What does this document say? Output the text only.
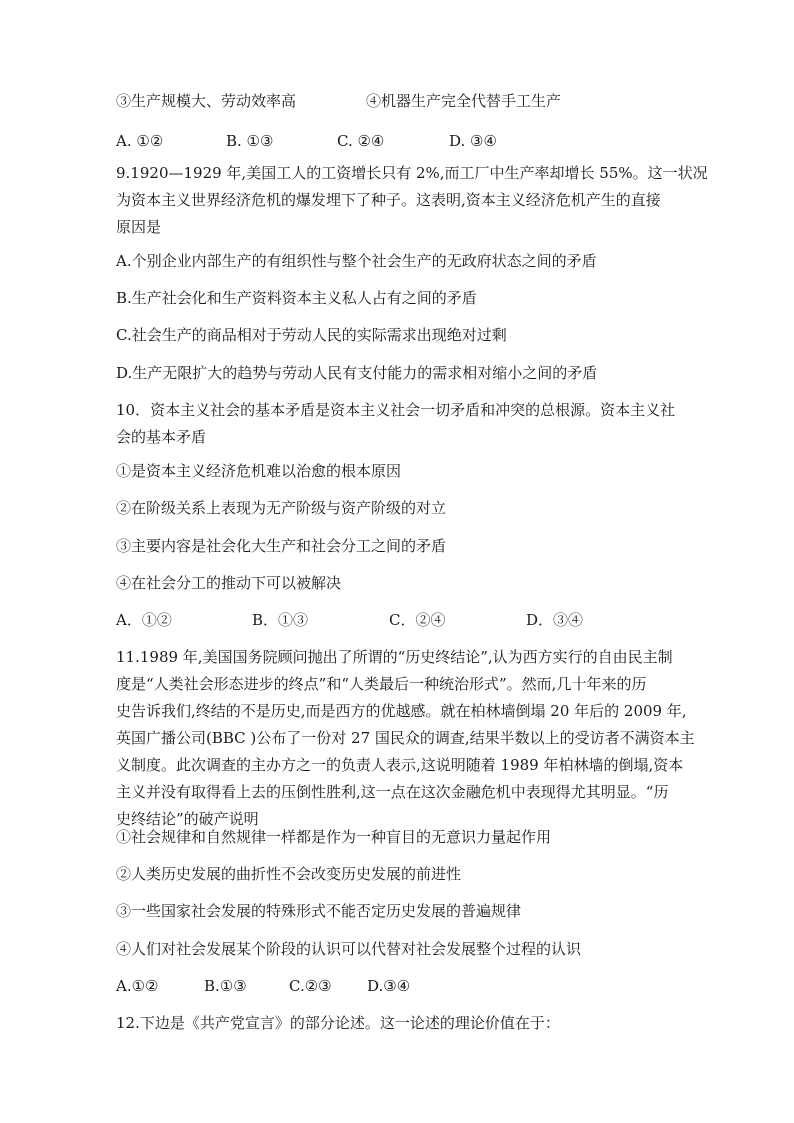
③生产规模大、劳动效率高	④机器生产完全代替手工生产
A. ①②	B. ①③	C. ②④	D. ③④
9.1920—1929 年,美国工人的工资增长只有 2%,而工厂中生产率却增长 55%。这一状况
为资本主义世界经济危机的爆发埋下了种子。这表明,资本主义经济危机产生的直接
原因是
A.个别企业内部生产的有组织性与整个社会生产的无政府状态之间的矛盾
B.生产社会化和生产资料资本主义私人占有之间的矛盾
C.社会生产的商品相对于劳动人民的实际需求出现绝对过剩
D.生产无限扩大的趋势与劳动人民有支付能力的需求相对缩小之间的矛盾
10．资本主义社会的基本矛盾是资本主义社会一切矛盾和冲突的总根源。资本主义社
会的基本矛盾
①是资本主义经济危机难以治愈的根本原因
②在阶级关系上表现为无产阶级与资产阶级的对立
③主要内容是社会化大生产和社会分工之间的矛盾
④在社会分工的推动下可以被解决
A．①②	B．①③	C．②④	D．③④
11.1989 年,美国国务院顾问抛出了所谓的“历史终结论”,认为西方实行的自由民主制
度是“人类社会形态进步的终点”和“人类最后一种统治形式”。然而,几十年来的历
史告诉我们,终结的不是历史,而是西方的优越感。就在柏林墙倒塌 20 年后的 2009 年,
英国广播公司(BBC )公布了一份对 27 国民众的调查,结果半数以上的受访者不满资本主
义制度。此次调查的主办方之一的负责人表示,这说明随着 1989 年柏林墙的倒塌,资本
主义并没有取得看上去的压倒性胜利,这一点在这次金融危机中表现得尤其明显。“历
史终结论”的破产说明
①社会规律和自然规律一样都是作为一种盲目的无意识力量起作用
②人类历史发展的曲折性不会改变历史发展的前进性
③一些国家社会发展的特殊形式不能否定历史发展的普遍规律
④人们对社会发展某个阶段的认识可以代替对社会发展整个过程的认识
A.①②	B.①③	C.②③ D.③④
12.下边是《共产党宣言》的部分论述。这一论述的理论价值在于：
